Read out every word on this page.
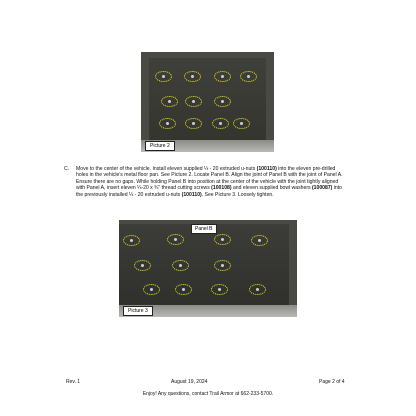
Picture 2
C. Move to the center of the vehicle. Install eleven supplied ¼ - 20 extruded u-nuts (100110) into the eleven pre-drilled holes in the vehicle's metal floor pan. See Picture 2. Locate Panel B. Align the joint of Panel B with the joint of Panel A. Ensure there are no gaps. While holding Panel B into position at the center of the vehicle with the joint tightly aligned with Panel A, insert eleven ¼-20 x ¾" thread cutting screws (100108) and eleven supplied bowl washers (100087) into the previously installed ¼ - 20 extruded u-nuts (100110). See Picture 3. Loosely tighten.
Panel B
Picture 3
Rev. 1	August 19, 2024	Page 2 of 4
Enjoy! Any questions, contact Trail Armor at 662-233-5700.
